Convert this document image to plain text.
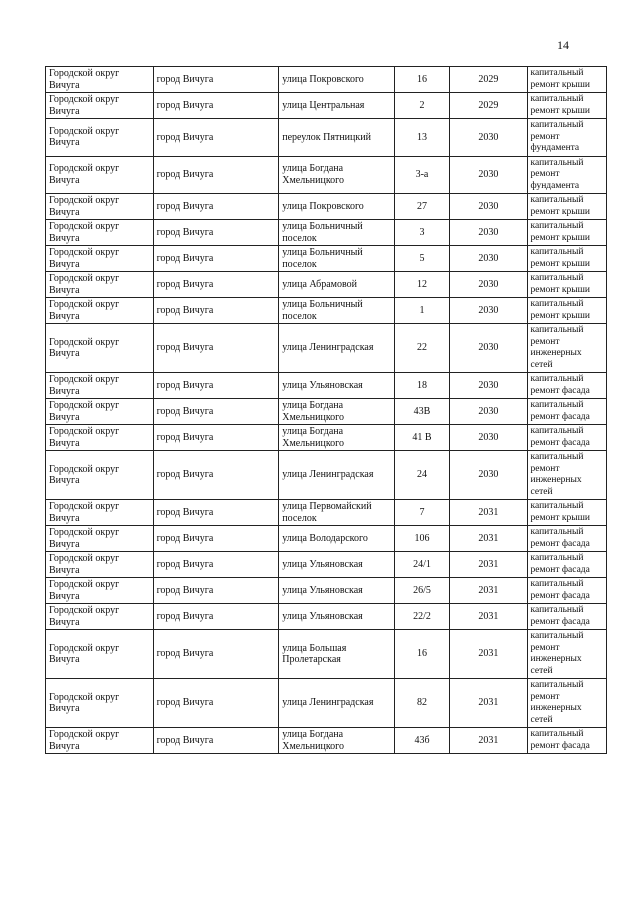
14
Городской округ Вичуга	город Вичуга	улица Покровского	16	2029	капитальный ремонт крыши
Городской округ Вичуга	город Вичуга	улица Центральная	2	2029	капитальный ремонт крыши
Городской округ Вичуга	город Вичуга	переулок Пятницкий	13	2030	капитальный ремонт фундамента
Городской округ Вичуга	город Вичуга	улица Богдана Хмельницкого	3-а	2030	капитальный ремонт фундамента
Городской округ Вичуга	город Вичуга	улица Покровского	27	2030	капитальный ремонт крыши
Городской округ Вичуга	город Вичуга	улица Больничный поселок	3	2030	капитальный ремонт крыши
Городской округ Вичуга	город Вичуга	улица Больничный поселок	5	2030	капитальный ремонт крыши
Городской округ Вичуга	город Вичуга	улица Абрамовой	12	2030	капитальный ремонт крыши
Городской округ Вичуга	город Вичуга	улица Больничный поселок	1	2030	капитальный ремонт крыши
Городской округ Вичуга	город Вичуга	улица Ленинградская	22	2030	капитальный ремонт инженерных сетей
Городской округ Вичуга	город Вичуга	улица Ульяновская	18	2030	капитальный ремонт фасада
Городской округ Вичуга	город Вичуга	улица Богдана Хмельницкого	43В	2030	капитальный ремонт фасада
Городской округ Вичуга	город Вичуга	улица Богдана Хмельницкого	41 В	2030	капитальный ремонт фасада
Городской округ Вичуга	город Вичуга	улица Ленинградская	24	2030	капитальный ремонт инженерных сетей
Городской округ Вичуга	город Вичуга	улица Первомайский поселок	7	2031	капитальный ремонт крыши
Городской округ Вичуга	город Вичуга	улица Володарского	106	2031	капитальный ремонт фасада
Городской округ Вичуга	город Вичуга	улица Ульяновская	24/1	2031	капитальный ремонт фасада
Городской округ Вичуга	город Вичуга	улица Ульяновская	26/5	2031	капитальный ремонт фасада
Городской округ Вичуга	город Вичуга	улица Ульяновская	22/2	2031	капитальный ремонт фасада
Городской округ Вичуга	город Вичуга	улица Большая Пролетарская	16	2031	капитальный ремонт инженерных сетей
Городской округ Вичуга	город Вичуга	улица Ленинградская	82	2031	капитальный ремонт инженерных сетей
Городской округ Вичуга	город Вичуга	улица Богдана Хмельницкого	43б	2031	капитальный ремонт фасада
